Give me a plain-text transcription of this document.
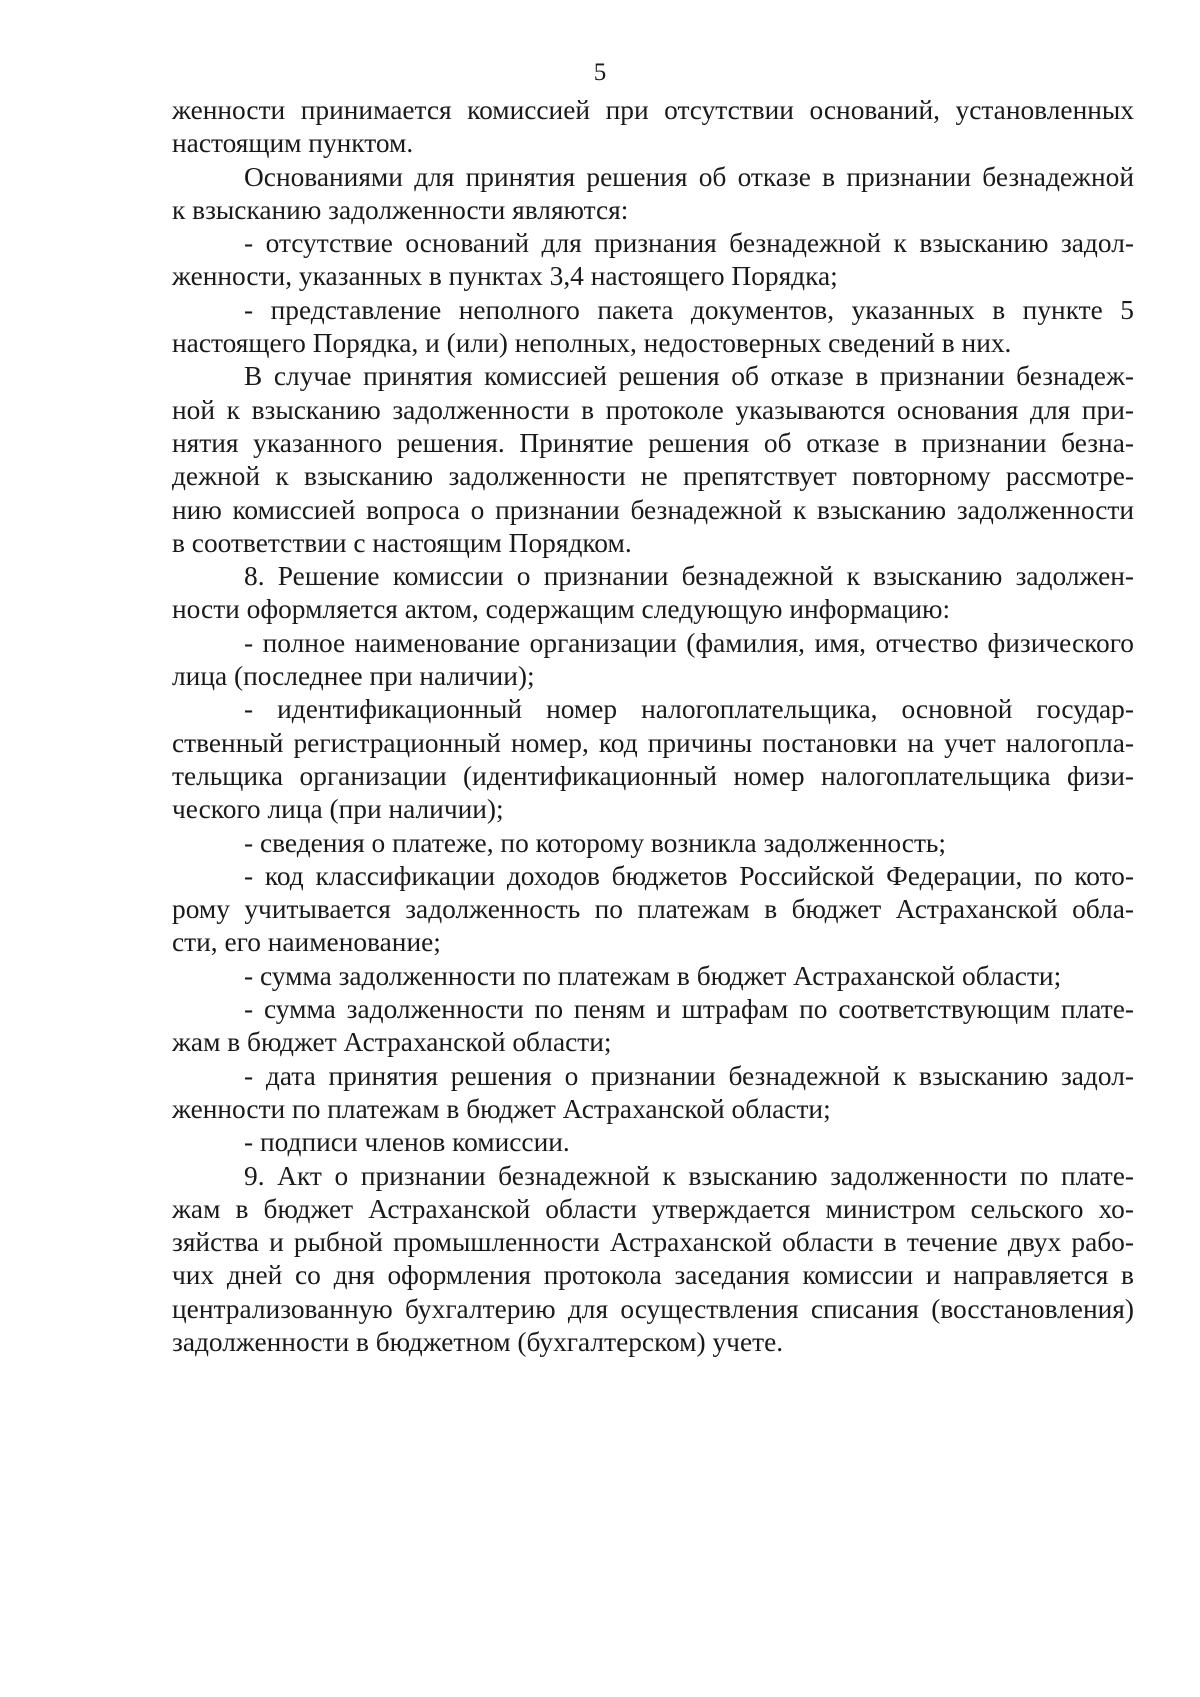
5
женности принимается комиссией при отсутствии оснований, установленных
настоящим пунктом.
Основаниями для принятия решения об отказе в признании безнадежной
к взысканию задолженности являются:
- отсутствие оснований для признания безнадежной к взысканию задол-
женности, указанных в пунктах 3,4 настоящего Порядка;
- представление неполного пакета документов, указанных в пункте 5
настоящего Порядка, и (или) неполных, недостоверных сведений в них.
В случае принятия комиссией решения об отказе в признании безнадеж-
ной к взысканию задолженности в протоколе указываются основания для при-
нятия указанного решения. Принятие решения об отказе в признании безна-
дежной к взысканию задолженности не препятствует повторному рассмотре-
нию комиссией вопроса о признании безнадежной к взысканию задолженности
в соответствии с настоящим Порядком.
8. Решение комиссии о признании безнадежной к взысканию задолжен-
ности оформляется актом, содержащим следующую информацию:
- полное наименование организации (фамилия, имя, отчество физического
лица (последнее при наличии);
- идентификационный номер налогоплательщика, основной государ-
ственный регистрационный номер, код причины постановки на учет налогопла-
тельщика организации (идентификационный номер налогоплательщика физи-
ческого лица (при наличии);
- сведения о платеже, по которому возникла задолженность;
- код классификации доходов бюджетов Российской Федерации, по кото-
рому учитывается задолженность по платежам в бюджет Астраханской обла-
сти, его наименование;
- сумма задолженности по платежам в бюджет Астраханской области;
- сумма задолженности по пеням и штрафам по соответствующим плате-
жам в бюджет Астраханской области;
- дата принятия решения о признании безнадежной к взысканию задол-
женности по платежам в бюджет Астраханской области;
- подписи членов комиссии.
9. Акт о признании безнадежной к взысканию задолженности по плате-
жам в бюджет Астраханской области утверждается министром сельского хо-
зяйства и рыбной промышленности Астраханской области в течение двух рабо-
чих дней со дня оформления протокола заседания комиссии и направляется в
централизованную бухгалтерию для осуществления списания (восстановления)
задолженности в бюджетном (бухгалтерском) учете.
